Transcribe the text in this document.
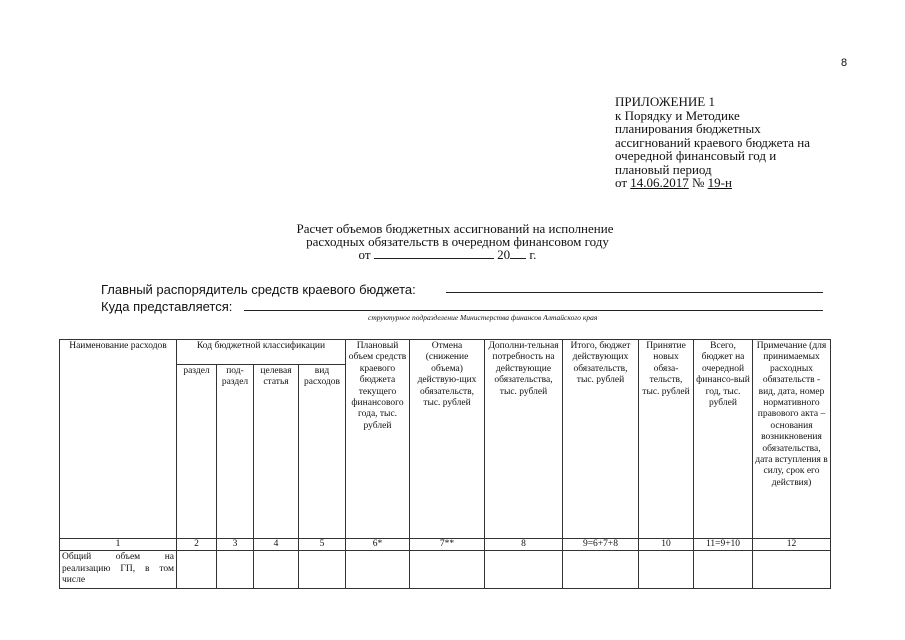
8
ПРИЛОЖЕНИЕ 1
к Порядку и Методике
планирования бюджетных
ассигнований краевого бюджета на
очередной финансовый год и
плановый период
от 14.06.2017 № 19-н
Расчет объемов бюджетных ассигнований на исполнение
расходных обязательств в очередном финансовом году
от	20 г.
Главный распорядитель средств краевого бюджета:
Куда представляется:
структурное подразделение Министерства финансов Алтайского края
Наименование расходов	Код бюджетной классификации				Плановый объем средств краевого бюджета текущего финансового года, тыс. рублей	Отмена (снижение объема) действую-щих обязательств, тыс. рублей	Дополни-тельная потребность на действующие обязательства, тыс. рублей	Итого, бюджет действующих обязательств, тыс. рублей	Принятие новых обяза-тельств, тыс. рублей	Всего, бюджет на очередной финансо-вый год, тыс. рублей	Примечание (для принимаемых расходных обязательств - вид, дата, номер нормативного правового акта – основания возникновения обязательства, дата вступления в силу, срок его действия)
	раздел	под-раздел	целевая статья	вид расходов							
1	2	3	4	5	6*	7**	8	9=6+7+8	10	11=9+10	12
Общий объем на реализацию ГП, в том числе											
